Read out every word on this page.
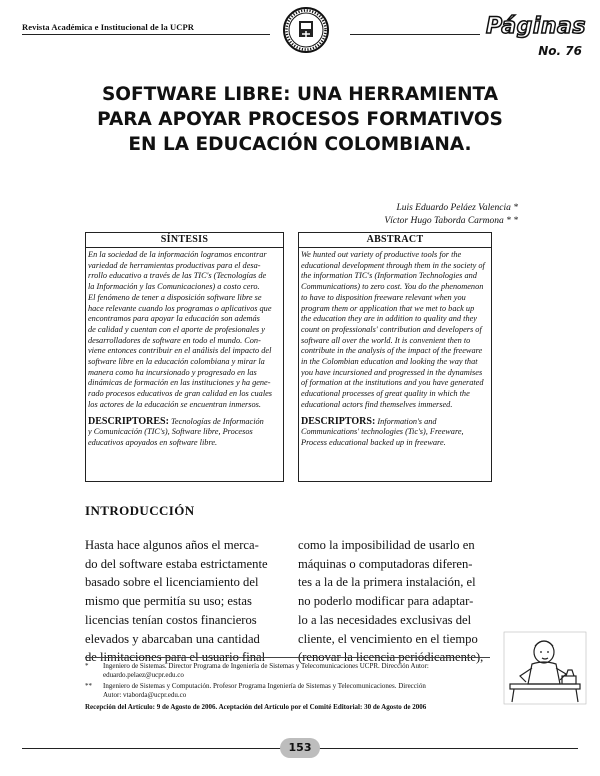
Revista Académica e Institucional de la UCPR	Páginas
No. 76
SOFTWARE LIBRE: UNA HERRAMIENTA
PARA APOYAR PROCESOS FORMATIVOS
EN LA EDUCACIÓN COLOMBIANA.
Luis Eduardo Peláez Valencia *
Víctor Hugo Taborda Carmona * *
SÍNTESIS
En la sociedad de la información logramos encontrar
variedad de herramientas productivas para el desa-
rrollo educativo a través de las TIC's (Tecnologías de
la Información y las Comunicaciones) a costo cero.
El fenómeno de tener a disposición software libre se
hace relevante cuando los programas o aplicativos que
encontramos para apoyar la educación son además
de calidad y cuentan con el aporte de profesionales y
desarrolladores de software en todo el mundo. Con-
viene entonces contribuir en el análisis del impacto del
software libre en la educación colombiana y mirar la
manera como ha incursionado y progresado en las
dinámicas de formación en las instituciones y ha gene-
rado procesos educativos de gran calidad en los cuales
los actores de la educación se encuentran inmersos.
DESCRIPTORES: Tecnologías de Información
y Comunicación (TIC's), Software libre, Procesos
educativos apoyados en software libre.
ABSTRACT
We hunted out variety of productive tools for the
educational development through them in the society of
the information TIC's (Information Technologies and
Communications) to zero cost. You do the phenomenon
to have to disposition freeware relevant when you
program them or application that we met to back up
the education they are in addition to quality and they
count on professionals' contribution and developers of
software all over the world. It is convenient then to
contribute in the analysis of the impact of the freeware
in the Colombian education and looking the way that
you have incursioned and progressed in the dynamises
of formation at the institutions and you have generated
educational processes of great quality in which the
educational actors find themselves immersed.
DESCRIPTORS: Information's and
Communications' technologies (Tic's), Freeware,
Process educational backed up in freeware.
INTRODUCCIÓN
Hasta hace algunos años el merca-
do del software estaba estrictamente
basado sobre el licenciamiento del
mismo que permitía su uso; estas
licencias tenían costos financieros
elevados y abarcaban una cantidad
de limitaciones para el usuario final
como la imposibilidad de usarlo en
máquinas o computadoras diferen-
tes a la de la primera instalación, el
no poderlo modificar para adaptar-
lo a las necesidades exclusivas del
cliente, el vencimiento en el tiempo
(renovar la licencia periódicamente),
*	Ingeniero de Sistemas. Director Programa de Ingeniería de Sistemas y Telecomunicaciones UCPR. Dirección Autor:
eduardo.pelaez@ucpr.edu.co
**	Ingeniero de Sistemas y Computación. Profesor Programa Ingeniería de Sistemas y Telecomunicaciones. Dirección
Autor: vtaborda@ucpr.edu.co
Recepción del Artículo: 9 de Agosto de 2006. Aceptación del Artículo por el Comité Editorial: 30 de Agosto de 2006
153
